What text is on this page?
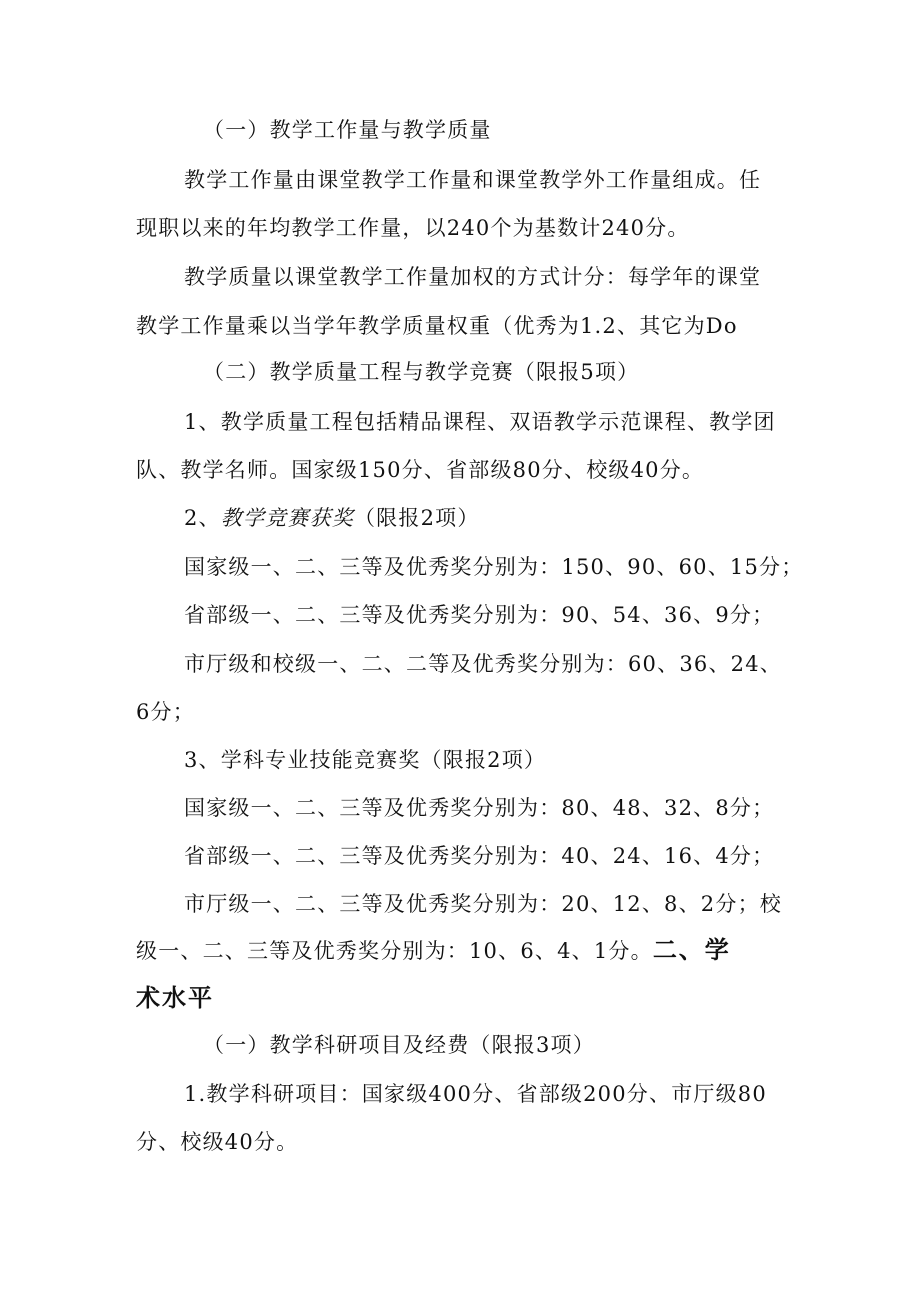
（一）教学工作量与教学质量

教学工作量由课堂教学工作量和课堂教学外工作量组成。任

现职以来的年均教学工作量，以240个为基数计240分。

教学质量以课堂教学工作量加权的方式计分：每学年的课堂

教学工作量乘以当学年教学质量权重（优秀为1.2、其它为Do

（二）教学质量工程与教学竞赛（限报5项）

1、教学质量工程包括精品课程、双语教学示范课程、教学团

队、教学名师。国家级150分、省部级80分、校级40分。

2、教学竞赛获奖（限报2项）

国家级一、二、三等及优秀奖分别为：150、90、60、15分；

省部级一、二、三等及优秀奖分别为：90、54、36、9分；

市厅级和校级一、二、二等及优秀奖分别为：60、36、24、

6分；

3、学科专业技能竞赛奖（限报2项）

国家级一、二、三等及优秀奖分别为：80、48、32、8分；

省部级一、二、三等及优秀奖分别为：40、24、16、4分；

市厅级一、二、三等及优秀奖分别为：20、12、8、2分；校

级一、二、三等及优秀奖分别为：10、6、4、1分。二、学

术水平

（一）教学科研项目及经费（限报3项）

1.教学科研项目：国家级400分、省部级200分、市厅级80

分、校级40分。
